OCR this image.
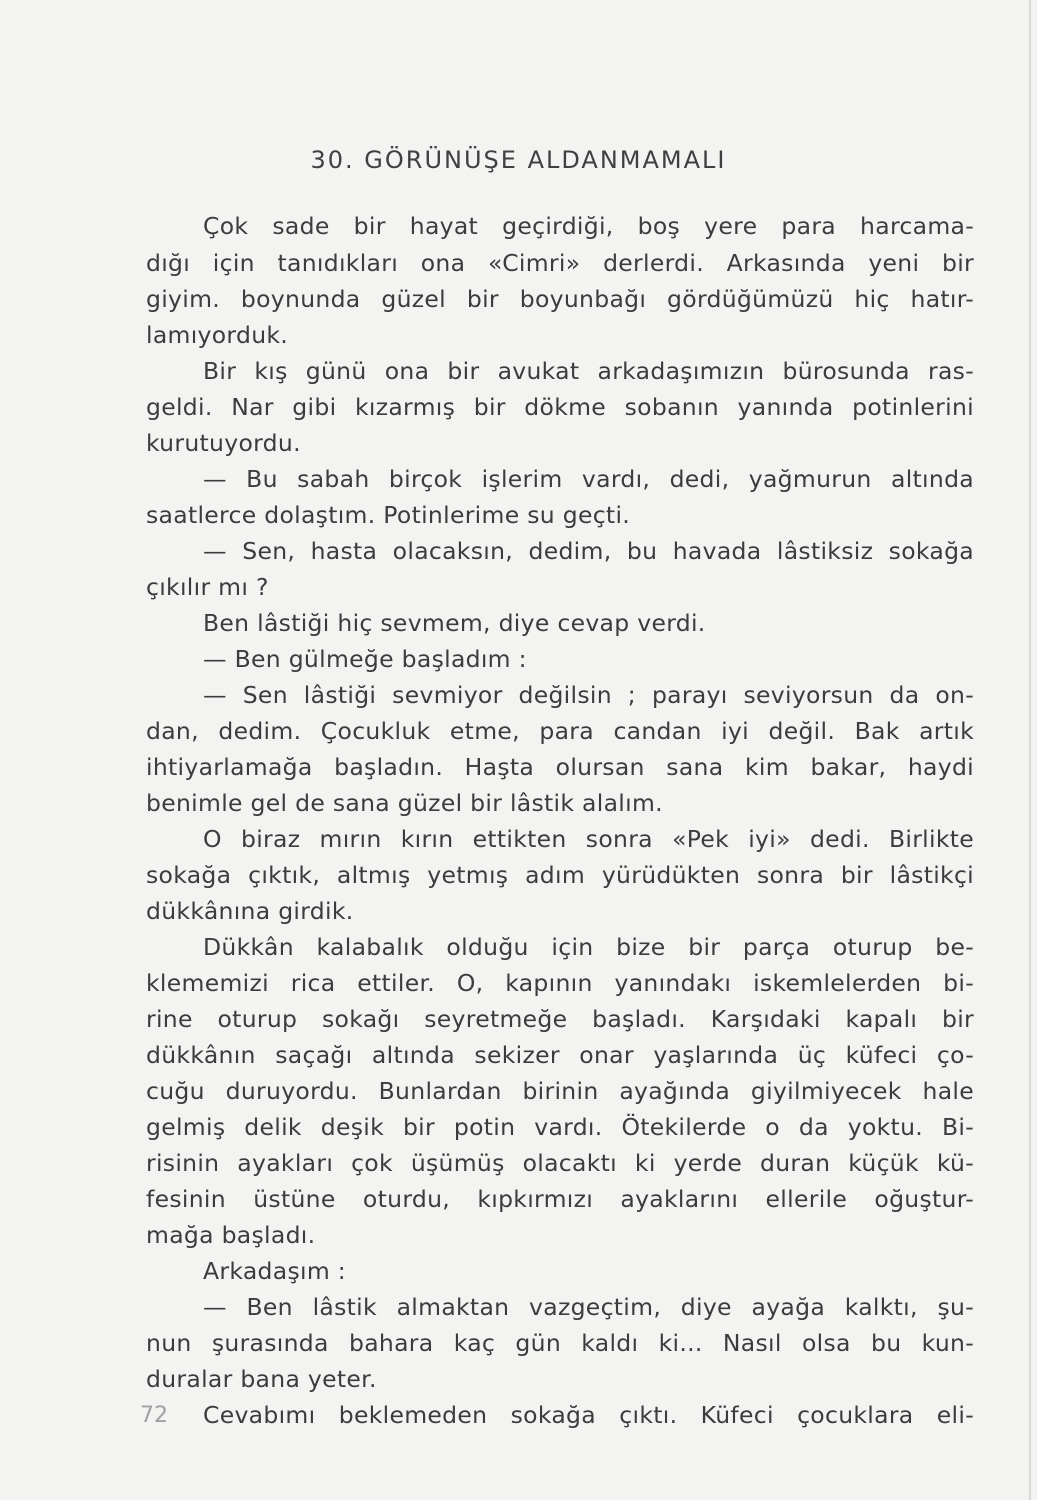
30. GÖRÜNÜŞE ALDANMAMALI
Çok sade bir hayat geçirdiği, boş yere para harcama-
dığı için tanıdıkları ona «Cimri» derlerdi. Arkasında yeni bir
giyim. boynunda güzel bir boyunbağı gördüğümüzü hiç hatır-
lamıyorduk.
Bir kış günü ona bir avukat arkadaşımızın bürosunda ras-
geldi. Nar gibi kızarmış bir dökme sobanın yanında potinlerini
kurutuyordu.
— Bu sabah birçok işlerim vardı, dedi, yağmurun altında
saatlerce dolaştım. Potinlerime su geçti.
— Sen, hasta olacaksın, dedim, bu havada lâstiksiz sokağa
çıkılır mı ?
Ben lâstiği hiç sevmem, diye cevap verdi.
— Ben gülmeğe başladım :
— Sen lâstiği sevmiyor değilsin ; parayı seviyorsun da on-
dan, dedim. Çocukluk etme, para candan iyi değil. Bak artık
ihtiyarlamağa başladın. Haşta olursan sana kim bakar, haydi
benimle gel de sana güzel bir lâstik alalım.
O biraz mırın kırın ettikten sonra «Pek iyi» dedi. Birlikte
sokağa çıktık, altmış yetmış adım yürüdükten sonra bir lâstikçi
dükkânına girdik.
Dükkân kalabalık olduğu için bize bir parça oturup be-
klememizi rica ettiler. O, kapının yanındakı iskemlelerden bi-
rine oturup sokağı seyretmeğe başladı. Karşıdaki kapalı bir
dükkânın saçağı altında sekizer onar yaşlarında üç küfeci ço-
cuğu duruyordu. Bunlardan birinin ayağında giyilmiyecek hale
gelmiş delik deşik bir potin vardı. Ötekilerde o da yoktu. Bi-
risinin ayakları çok üşümüş olacaktı ki yerde duran küçük kü-
fesinin üstüne oturdu, kıpkırmızı ayaklarını ellerile oğuştur-
mağa başladı.
Arkadaşım :
— Ben lâstik almaktan vazgeçtim, diye ayağa kalktı, şu-
nun şurasında bahara kaç gün kaldı ki... Nasıl olsa bu kun-
duralar bana yeter.
Cevabımı beklemeden sokağa çıktı. Küfeci çocuklara eli-
72
